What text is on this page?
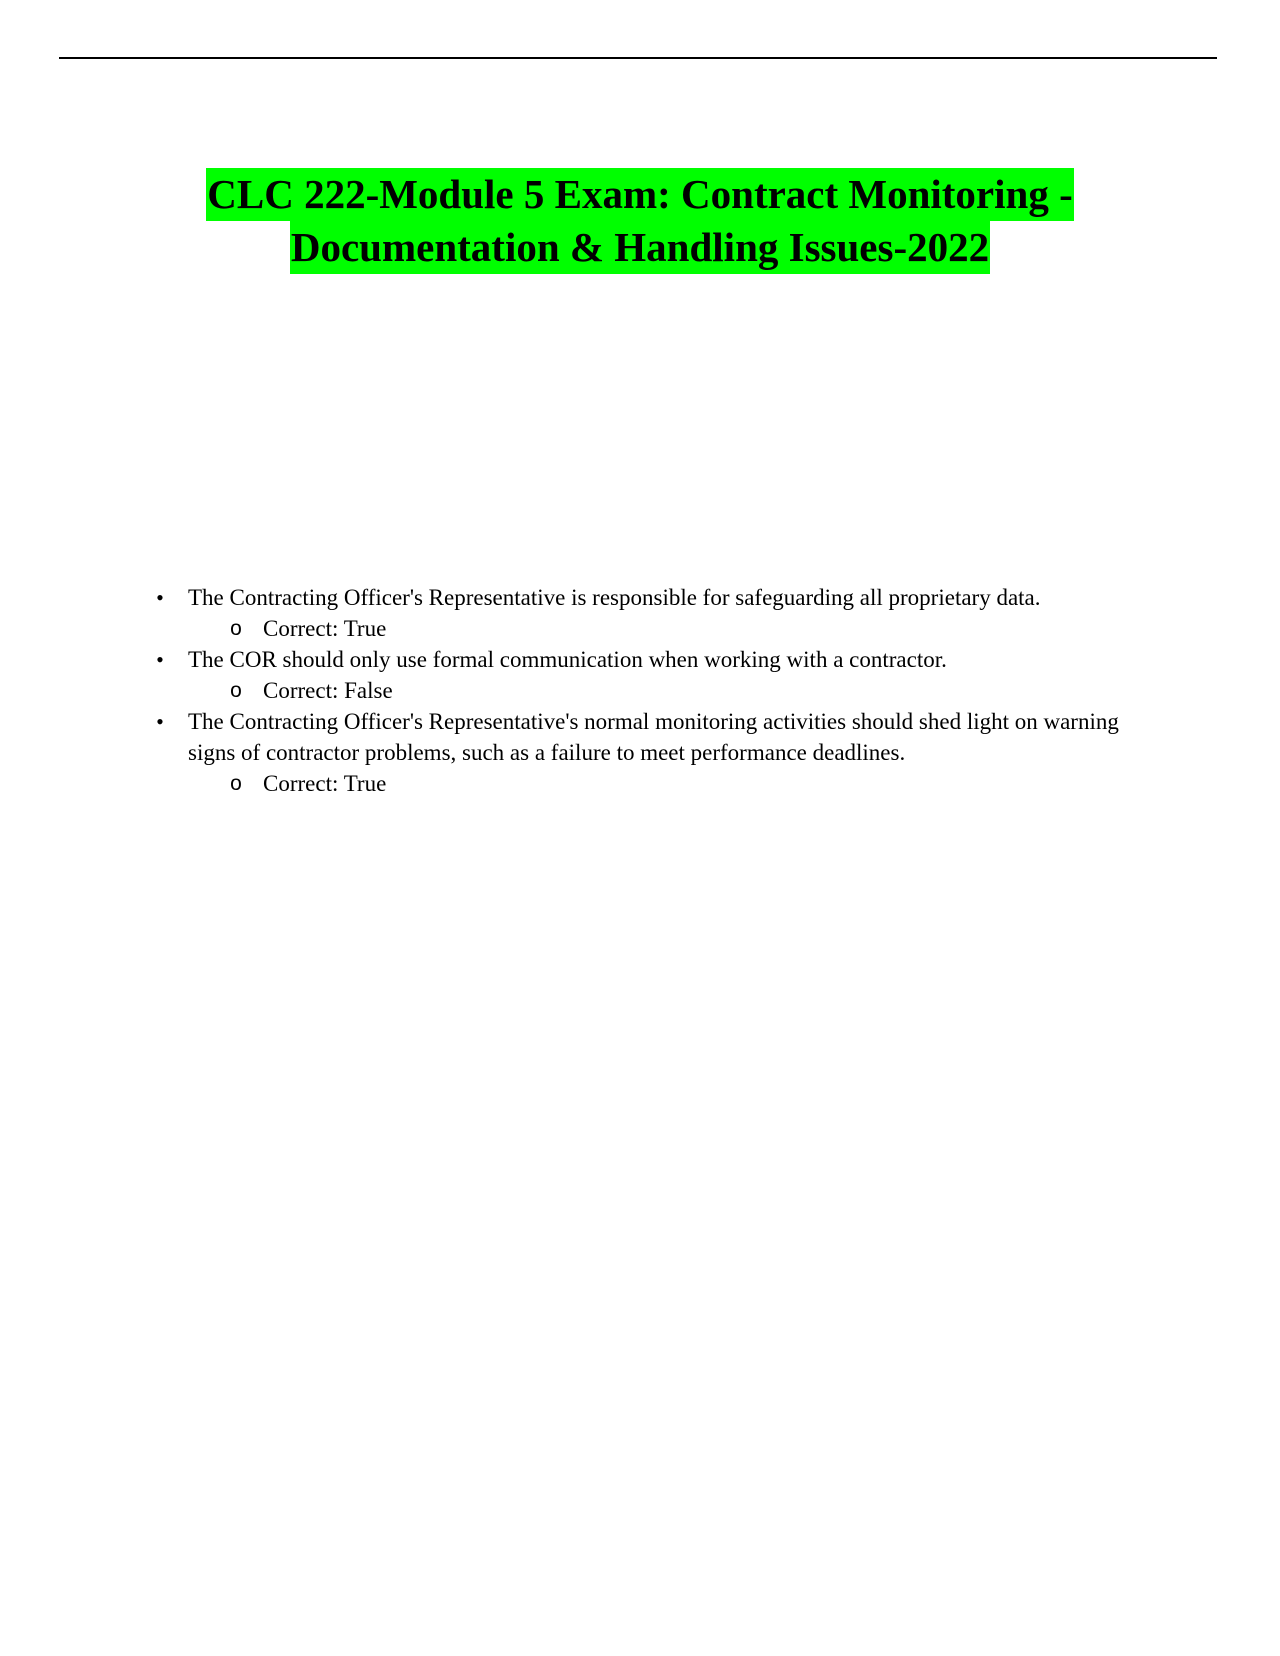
CLC 222-Module 5 Exam: Contract Monitoring -
Documentation & Handling Issues-2022
• The Contracting Officer's Representative is responsible for safeguarding all proprietary data.
o Correct: True
• The COR should only use formal communication when working with a contractor.
o Correct: False
• The Contracting Officer's Representative's normal monitoring activities should shed light on warning signs of contractor problems, such as a failure to meet performance deadlines.
o Correct: True
